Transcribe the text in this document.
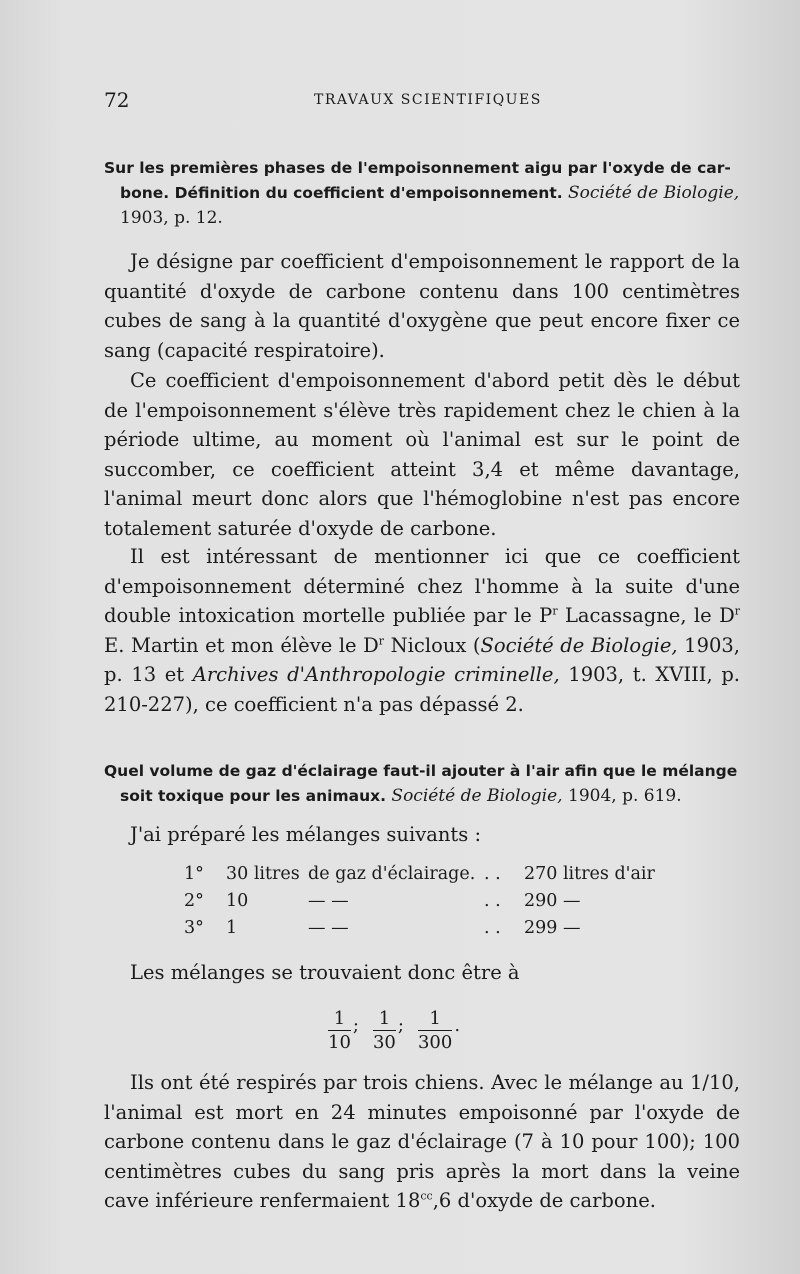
72	TRAVAUX SCIENTIFIQUES
Sur les premières phases de l'empoisonnement aigu par l'oxyde de car-
bone. Définition du coefficient d'empoisonnement. Société de Biologie,
1903, p. 12.

Je désigne par coefficient d'empoisonnement le rapport de la quantité d'oxyde de carbone contenu dans 100 centimètres cubes de sang à la quantité d'oxygène que peut encore fixer ce sang (capacité respiratoire).

Ce coefficient d'empoisonnement d'abord petit dès le début de l'empoisonnement s'élève très rapidement chez le chien à la période ultime, au moment où l'animal est sur le point de succomber, ce coefficient atteint 3,4 et même davantage, l'animal meurt donc alors que l'hémoglobine n'est pas encore totalement saturée d'oxyde de carbone.

Il est intéressant de mentionner ici que ce coefficient d'empoisonnement déterminé chez l'homme à la suite d'une double intoxication mortelle publiée par le $P^r$ Lacassagne, le $D^r$ E. Martin et mon élève le $D^r$ Nicloux (Société de Biologie, 1903, p. 13 et Archives d'Anthropologie criminelle, 1903, t. XVIII, p. 210-227), ce coefficient n'a pas dépassé 2.

Quel volume de gaz d'éclairage faut-il ajouter à l'air afin que le mélange
soit toxique pour les animaux. Société de Biologie, 1904, p. 619.

J'ai préparé les mélanges suivants :

1° 30 litres de gaz d'éclairage. . . 270 litres d'air
2° 10	— —	. . 290 —
3° 1	— —	. . 299 —

Les mélanges se trouvaient donc être à

$\frac{1}{10}$ ; $\frac{1}{30}$ ; $\frac{1}{300}$ .

Ils ont été respirés par trois chiens. Avec le mélange au 1/10, l'animal est mort en 24 minutes empoisonné par l'oxyde de carbone contenu dans le gaz d'éclairage (7 à 10 pour 100); 100 centimètres cubes du sang pris après la mort dans la veine cave inférieure renfermaient $18^{cc},6$ d'oxyde de carbone.
